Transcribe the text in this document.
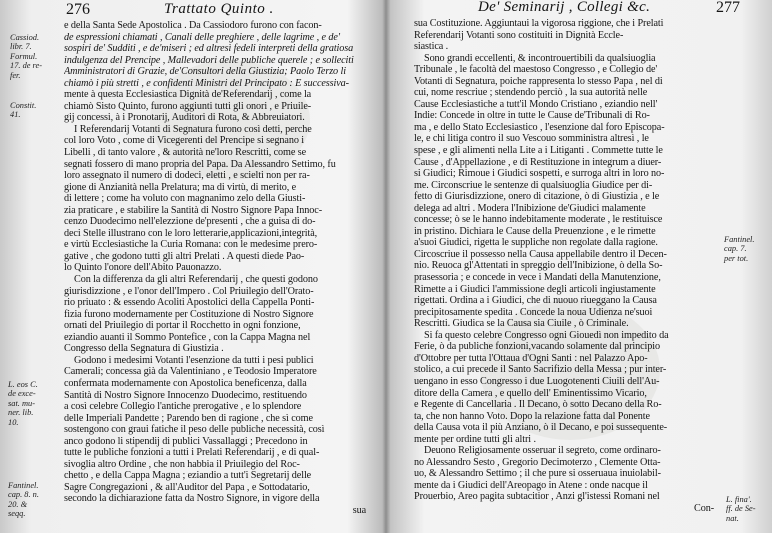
276	Trattato Quinto .
e della Santa Sede Apostolica . Da Cassiodoro furono con facon-
de espressioni chiamati , Canali delle preghiere , delle lagrime , e de'
sospiri de' Sudditi , e de'miseri ; ed altresì fedeli interpreti della gratiosa
indulgenza del Prencipe , Mallevadori delle publiche querele ; e solleciti
Amministratori di Grazie, de'Consultori della Giustizia; Paolo Terzo li
chiamò i più stretti , e confidenti Ministri del Principato : E successiva-
mente à questa Ecclesiastica Dignità de'Referendarij , come la
chiamò Sisto Quinto, furono aggiunti tutti gli onori , e Priuile-
gij concessi, à i Pronotarij, Auditori di Rota, & Abbreuiatori.
I Referendarij Votanti di Segnatura furono così detti, perche
col loro Voto , come di Vicegerenti del Prencipe si segnano i
Libelli , di tanto valore , & autorità ne'loro Rescritti, come se
segnati fossero di mano propria del Papa. Da Alessandro Settimo, fu
loro assegnato il numero di dodeci, eletti , e scielti non per ra-
gione di Anzianità nella Prelatura; ma di virtù, di merito, e
di lettere ; come ha voluto con magnanimo zelo della Giusti-
zia praticare , e stabilire la Santità di Nostro Signore Papa Innoc-
cenzo Duodecimo nell'elezzione de'presenti , che a guisa di do-
deci Stelle illustrano con le loro letterarie,applicazioni,integrità,
e virtù Ecclesiastiche la Curia Romana: con le medesime prero-
gative , che godono tutti gli altri Prelati . A questi diede Pao-
lo Quinto l'onore dell'Abito Pauonazzo.
Con la differenza da gli altri Referendarij , che questi godono
giurisdizzione , e l'onor dell'Impero . Col Priuilegio dell'Orato-
rio priuato : & essendo Acoliti Apostolici della Cappella Ponti-
fizia furono modernamente per Costituzione di Nostro Signore
ornati del Priuilegio di portar il Rocchetto in ogni fonzione,
eziandio auanti il Sommo Pontefice , con la Cappa Magna nel
Congresso della Segnatura di Giustizia .
Godono i medesimi Votanti l'esenzione da tutti i pesi publici
Camerali; concessa già da Valentiniano , e Teodosio Imperatore
confermata modernamente con Apostolica beneficenza, dalla
Santità di Nostro Signore Innocenzo Duodecimo, restituendo
a così celebre Collegio l'antiche prerogative , e lo splendore
delle Imperiali Pandette ; Parendo ben di ragione , che sì come
sostengono con graui fatiche il peso delle publiche necessità, così
anco godono li stipendij di publici Vassallaggi ; Precedono in
tutte le publiche fonzioni a tutti i Prelati Referendarij , e di qual-
sivoglia altro Ordine , che non habbia il Priuilegio del Roc-
chetto , e della Cappa Magna ; eziandio a tutt'i Segretarij delle
Sagre Congregazioni , & all'Auditor del Papa , e Sottodatario,
secondo la dichiarazione fatta da Nostro Signore, in vigore della
sua
Cassiod.
libr. 7.
Formul.
17. de re-
fer.
Constit.
41.
L. eos C.
de exce-
sat. mu-
ner. lib.
10.
Fantinel.
cap. 8. n.
20. &
seqq.
De' Seminarij , Collegi &c.	277
sua Costituzione. Aggiuntaui la vigorosa riggione, che i Prelati
Referendarij Votanti sono costituiti in Dignità Eccle-
siastica .
Sono grandi eccellenti, & incontrouertibili da qualsiuoglia
Tribunale , le facoltà del maestoso Congresso , e Collegio de'
Votanti di Segnatura, poiche rappresenta lo stesso Papa , nel di
cui, nome rescriue ; stendendo perciò , la sua autorità nelle
Cause Ecclesiastiche a tutt'il Mondo Cristiano , eziandio nell'
Indie: Concede in oltre in tutte le Cause de'Tribunali di Ro-
ma , e dello Stato Ecclesiastico , l'esenzione dal foro Episcopa-
le, e chi litiga contro il suo Vescouo somministra altresì , le
spese , e gli alimenti nella Lite a i Litiganti . Commette tutte le
Cause , d'Appellazione , e di Restituzione in integrum a diuer-
si Giudici; Rimoue i Giudici sospetti, e surroga altri in loro no-
me. Circonscriue le sentenze di qualsiuoglia Giudice per di-
fetto di Giurisdizzione, onero di citazione, ò di Giustizia , e le
delega ad altri . Modera l'Inibizione de'Giudici malamente
concesse; ò se le hanno indebitamente moderate , le restituisce
in pristino. Dichiara le Cause della Preuenzione , e le rimette
a'suoi Giudici, rigetta le suppliche non regolate dalla ragione.
Circoscriue il possesso nella Causa appellabile dentro il Decen-
nio. Reuoca gl'Attentati in spreggio dell'Inibizione, ò della So-
prasessoria ; e concede in vece i Mandati della Manutenzione,
Rimette a i Giudici l'ammissione degli articoli ingiustamente
rigettati. Ordina a i Giudici, che di nuouo riueggano la Causa
precipitosamente spedita . Concede la noua Udienza ne'suoi
Rescritti. Giudica se la Causa sia Ciuile , ò Criminale.
Si fa questo celebre Congresso ogni Giouedì non impedito da
Ferie, ò da publiche fonzioni,vacando solamente dal principio
d'Ottobre per tutta l'Ottaua d'Ogni Santi : nel Palazzo Apo-
stolico, a cui precede il Santo Sacrifizio della Messa ; pur inter-
uengano in esso Congresso i due Luogotenenti Ciuili dell'Au-
ditore della Camera , e quello dell' Eminentissimo Vicario,
e Regente di Cancellaria . Il Decano, ò sotto Decano della Ro-
ta, che non hanno Voto. Dopo la relazione fatta dal Ponente
della Causa vota il più Anziano, ò il Decano, e poi sussequente-
mente per ordine tutti gli altri .
Deuono Religiosamente osseruar il segreto, come ordinaro-
no Alessandro Sesto , Gregorio Decimoterzo , Clemente Otta-
uo, & Alessandro Settimo ; il che pure si osseruaua inuiolabil-
mente da i Giudici dell'Areopago in Atene : onde nacque il
Prouerbio, Areo pagita subtacitior , Anzi gl'istessi Romani nel
Con-
Fantinel.
cap. 7.
per tot.
L. fina'.
ff. de Se-
nat.
